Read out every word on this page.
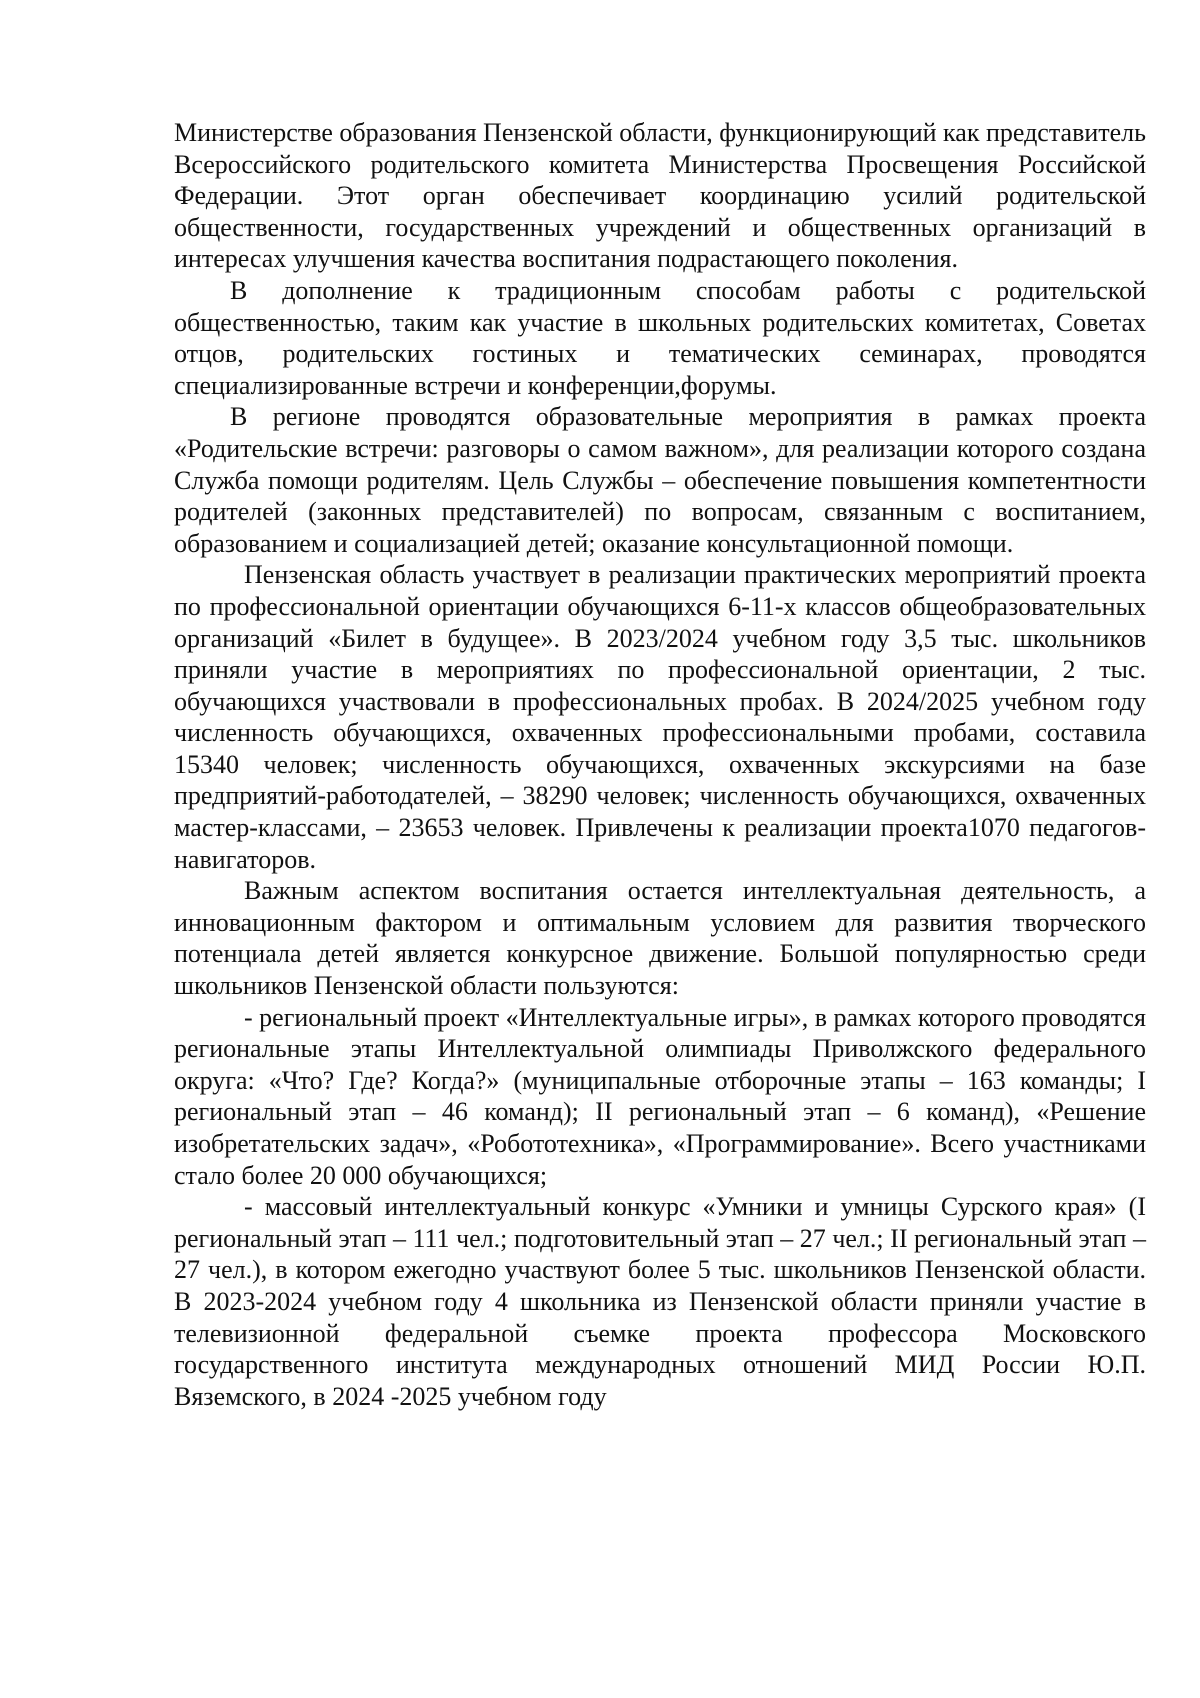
Министерстве образования Пензенской области, функционирующий как представитель Всероссийского родительского комитета Министерства Просвещения Российской Федерации. Этот орган обеспечивает координацию усилий родительской общественности, государственных учреждений и общественных организаций в интересах улучшения качества воспитания подрастающего поколения.

В дополнение к традиционным способам работы с родительской общественностью, таким как участие в школьных родительских комитетах, Советах отцов, родительских гостиных и тематических семинарах, проводятся специализированные встречи и конференции,форумы.

В регионе проводятся образовательные мероприятия в рамках проекта «Родительские встречи: разговоры о самом важном», для реализации которого создана Служба помощи родителям. Цель Службы – обеспечение повышения компетентности родителей (законных представителей) по вопросам, связанным с воспитанием, образованием и социализацией детей; оказание консультационной помощи.

Пензенская область участвует в реализации практических мероприятий проекта по профессиональной ориентации обучающихся 6-11-х классов общеобразовательных организаций «Билет в будущее». В 2023/2024 учебном году 3,5 тыс. школьников приняли участие в мероприятиях по профессиональной ориентации, 2 тыс. обучающихся участвовали в профессиональных пробах. В 2024/2025 учебном году численность обучающихся, охваченных профессиональными пробами, составила 15340 человек; численность обучающихся, охваченных экскурсиями на базе предприятий-работодателей, – 38290 человек; численность обучающихся, охваченных мастер-классами, – 23653 человек. Привлечены к реализации проекта1070 педагогов-навигаторов.

Важным аспектом воспитания остается интеллектуальная деятельность, а инновационным фактором и оптимальным условием для развития творческого потенциала детей является конкурсное движение. Большой популярностью среди школьников Пензенской области пользуются:

- региональный проект «Интеллектуальные игры», в рамках которого проводятся региональные этапы Интеллектуальной олимпиады Приволжского федерального округа: «Что? Где? Когда?» (муниципальные отборочные этапы – 163 команды; I региональный этап – 46 команд); II региональный этап – 6 команд), «Решение изобретательских задач», «Робототехника», «Программирование». Всего участниками стало более 20 000 обучающихся;

- массовый интеллектуальный конкурс «Умники и умницы Сурского края» (I региональный этап – 111 чел.; подготовительный этап – 27 чел.; II региональный этап – 27 чел.), в котором ежегодно участвуют более 5 тыс. школьников Пензенской области. В 2023-2024 учебном году 4 школьника из Пензенской области приняли участие в телевизионной федеральной съемке проекта профессора Московского государственного института международных отношений МИД России Ю.П. Вяземского, в 2024 -2025 учебном году
